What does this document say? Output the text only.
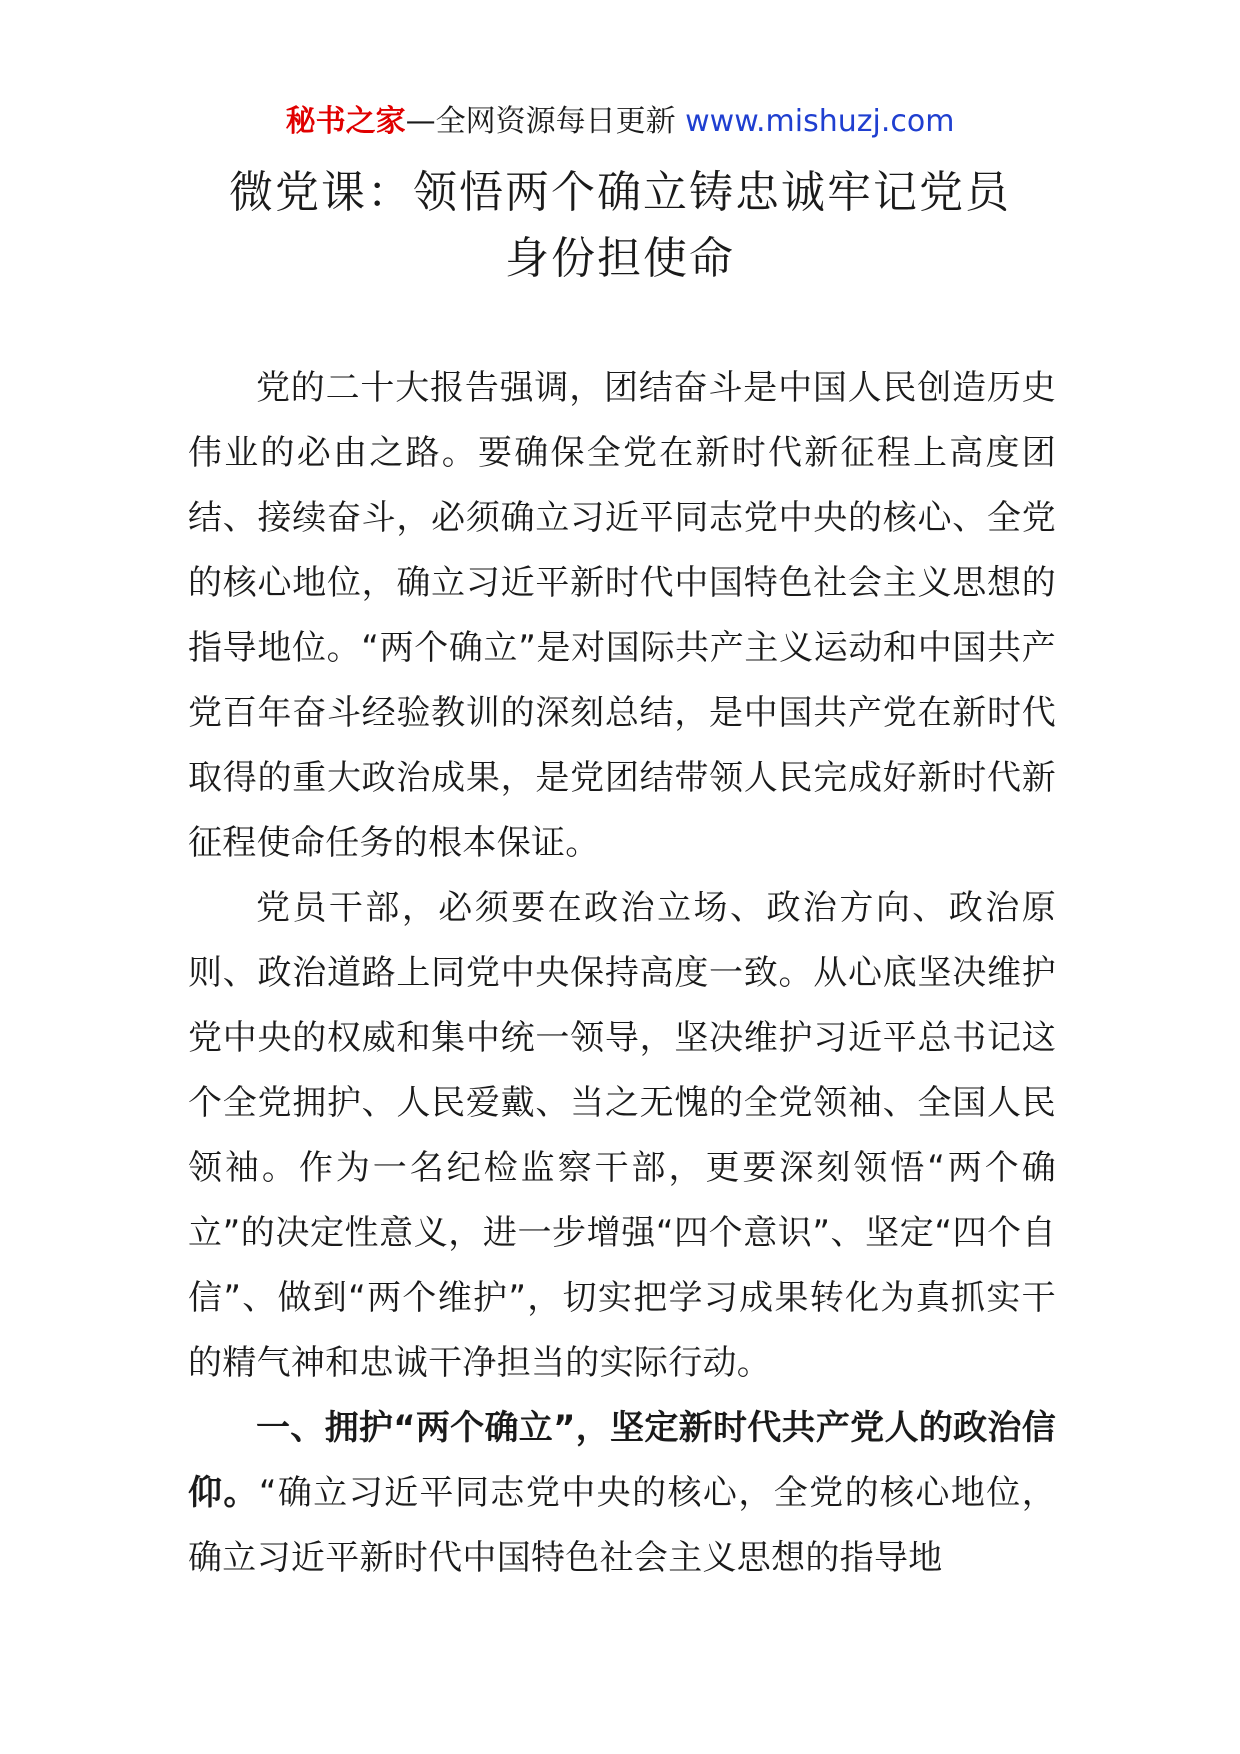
秘书之家—全网资源每日更新 www.mishuzj.com
微党课：领悟两个确立铸忠诚牢记党员
身份担使命

党的二十大报告强调，团结奋斗是中国人民创造历史伟业的必由之路。要确保全党在新时代新征程上高度团结、接续奋斗，必须确立习近平同志党中央的核心、全党的核心地位，确立习近平新时代中国特色社会主义思想的指导地位。“两个确立”是对国际共产主义运动和中国共产党百年奋斗经验教训的深刻总结，是中国共产党在新时代取得的重大政治成果，是党团结带领人民完成好新时代新征程使命任务的根本保证。

党员干部，必须要在政治立场、政治方向、政治原则、政治道路上同党中央保持高度一致。从心底坚决维护党中央的权威和集中统一领导，坚决维护习近平总书记这个全党拥护、人民爱戴、当之无愧的全党领袖、全国人民领袖。作为一名纪检监察干部，更要深刻领悟“两个确立”的决定性意义，进一步增强“四个意识”、坚定“四个自信”、做到“两个维护”，切实把学习成果转化为真抓实干的精气神和忠诚干净担当的实际行动。

一、拥护“两个确立”，坚定新时代共产党人的政治信仰。“确立习近平同志党中央的核心，全党的核心地位，确立习近平新时代中国特色社会主义思想的指导地
